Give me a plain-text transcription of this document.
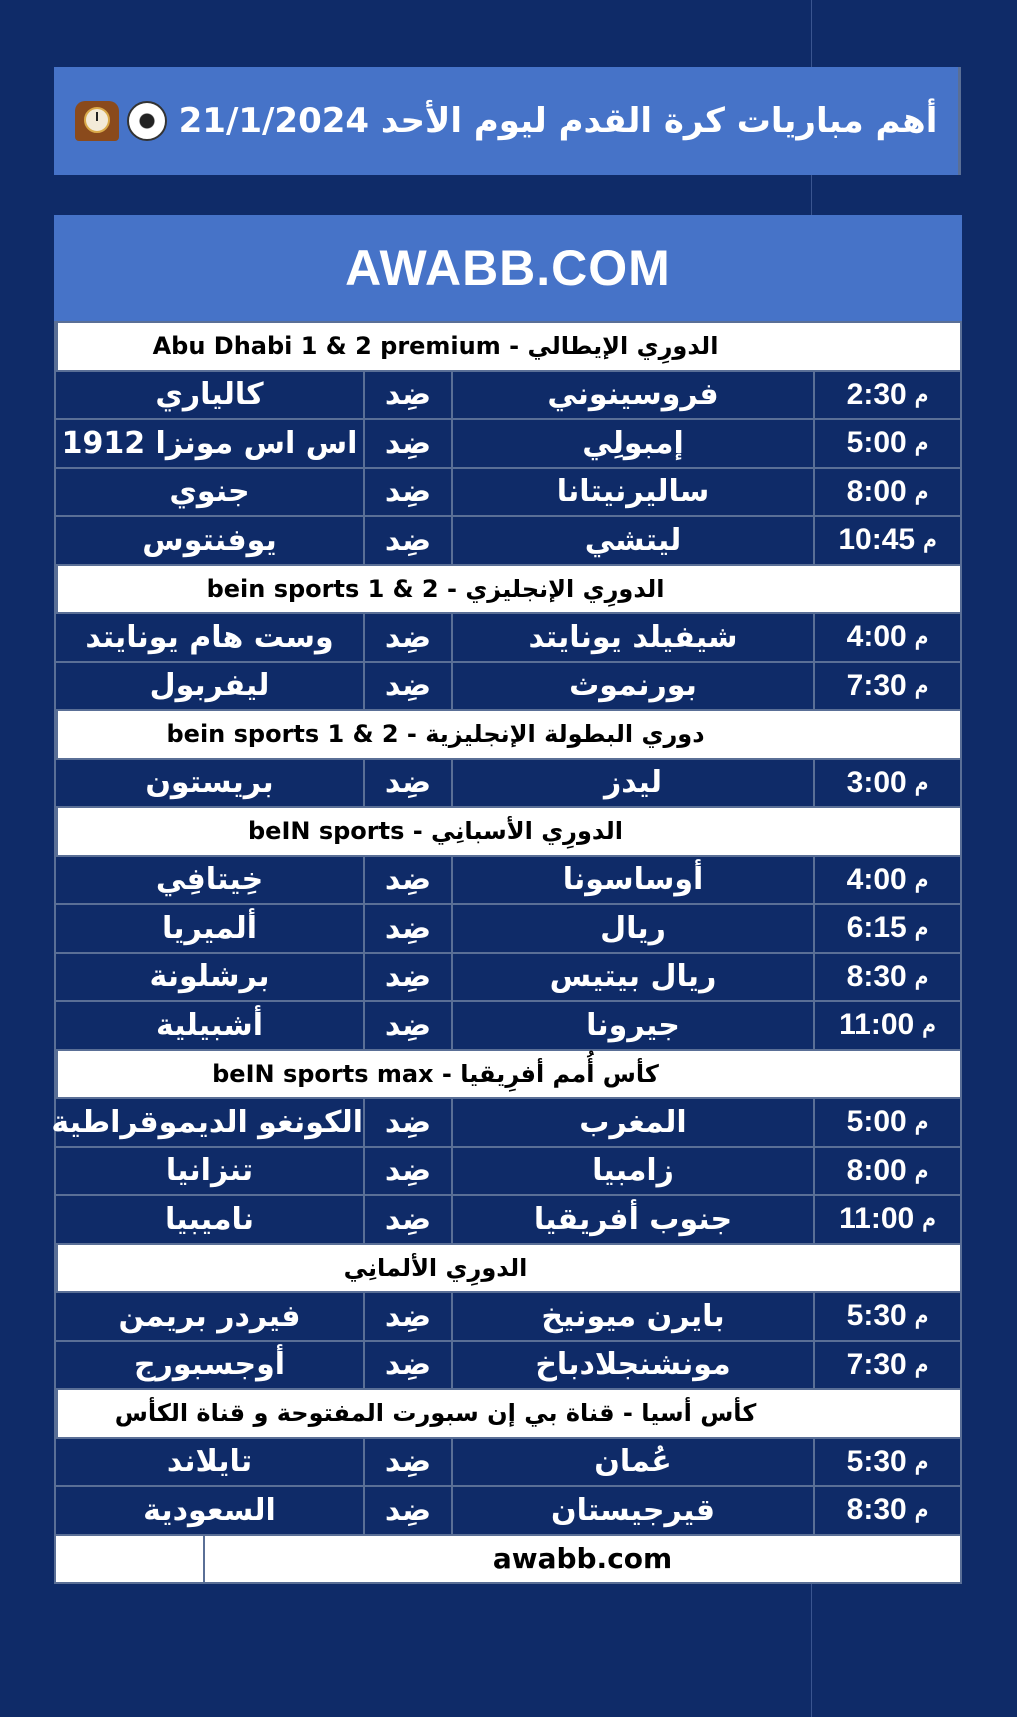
أهم مباريات كرة القدم ليوم الأحد 21/1/2024
AWABB.COM
الدورِي الإيطالي - Abu Dhabi 1 & 2 premium
م
2:30
فروسينوني
ضِد
كالياري
م
5:00
إمبولِي
ضِد
اس اس مونزا 1912
م
8:00
ساليرنيتانا
ضِد
جنوي
م
10:45
ليتشي
ضِد
يوفنتوس
الدورِي الإنجليزي - bein sports 1 & 2
م
4:00
شيفيلد يونايتد
ضِد
وست هام يونايتد
م
7:30
بورنموث
ضِد
ليفربول
دوري البطولة الإنجليزية - bein sports 1 & 2
م
3:00
ليدز
ضِد
بريستون
الدورِي الأسبانِي - beIN sports
م
4:00
أوساسونا
ضِد
خِيتافِي
م
6:15
ريال
ضِد
ألميريا
م
8:30
ريال بيتيس
ضِد
برشلونة
م
11:00
جيرونا
ضِد
أشبيلية
كأس أُمم أفرِيقيا - beIN sports max
م
5:00
المغرب
ضِد
الكونغو الديموقراطية
م
8:00
زامبيا
ضِد
تنزانيا
م
11:00
جنوب أفريقيا
ضِد
ناميبيا
الدورِي الألمانِي
م
5:30
بايرن ميونيخ
ضِد
فيردر بريمن
م
7:30
مونشنجلادباخ
ضِد
أوجسبورج
كأس أسيا - قناة بي إن سبورت المفتوحة و قناة الكأس
م
5:30
عُمان
ضِد
تايلاند
م
8:30
قيرجيستان
ضِد
السعودية
awabb.com
